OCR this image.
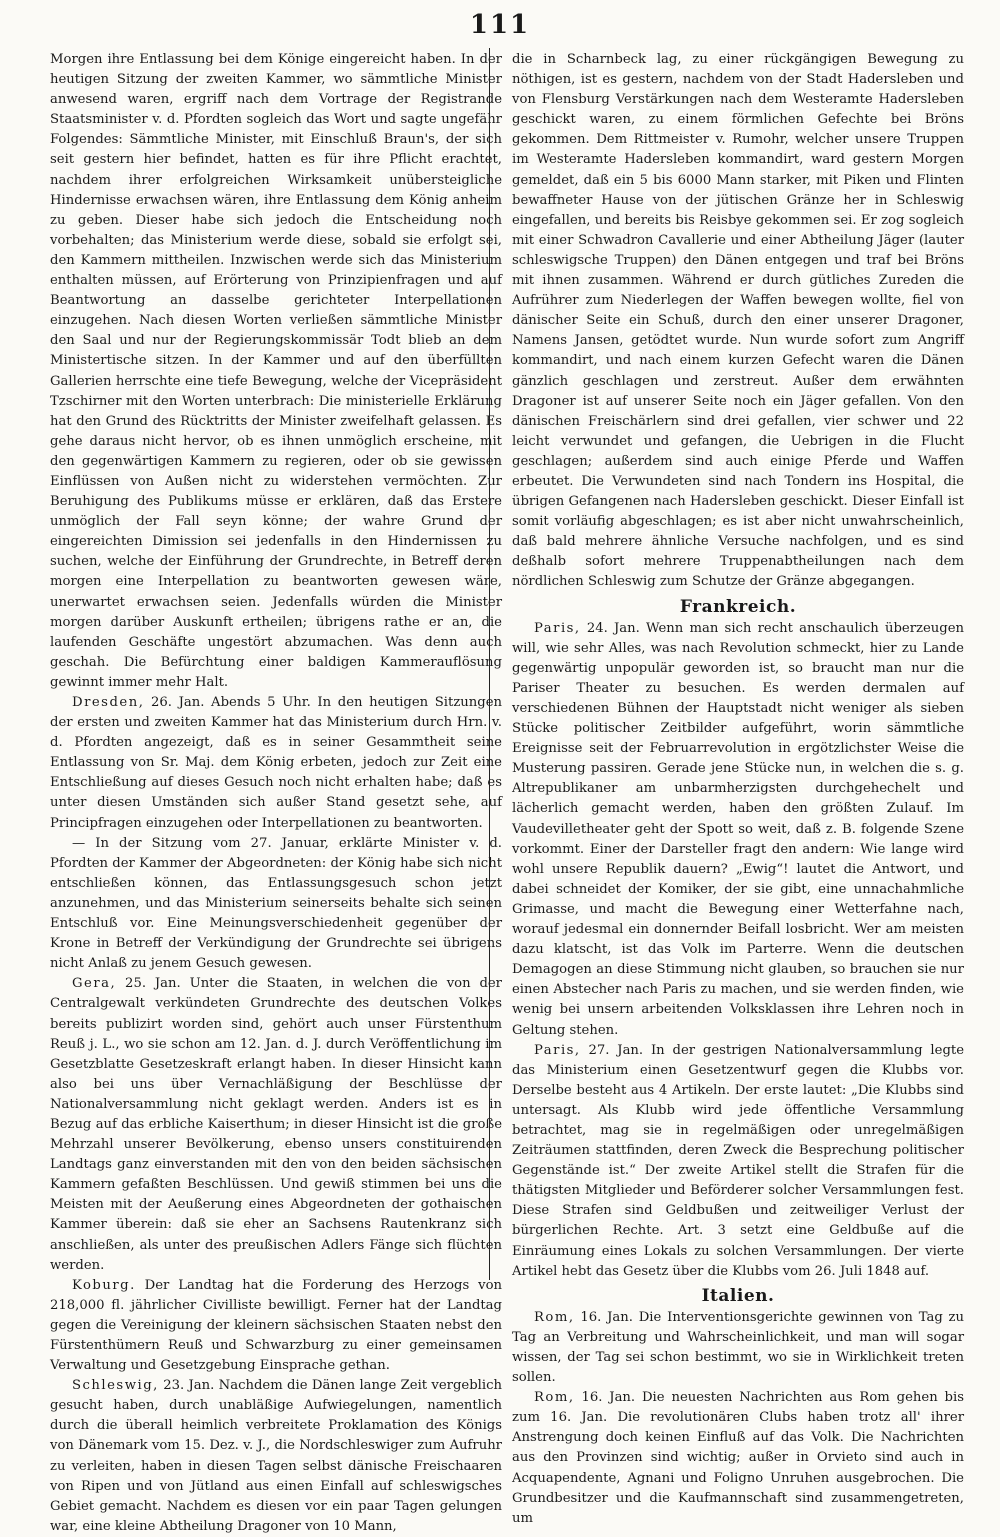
111

Morgen ihre Entlassung bei dem Könige eingereicht haben. In der heutigen Sitzung der zweiten Kammer, wo sämmtliche Minister anwesend waren, ergriff nach dem Vortrage der Registrande Staatsminister v. d. Pfordten sogleich das Wort und sagte ungefähr Folgendes: Sämmtliche Minister, mit Einschluß Braun's, der sich seit gestern hier befindet, hatten es für ihre Pflicht erachtet, nachdem ihrer erfolgreichen Wirksamkeit unübersteigliche Hindernisse erwachsen wären, ihre Entlassung dem König anheim zu geben. Dieser habe sich jedoch die Entscheidung noch vorbehalten; das Ministerium werde diese, sobald sie erfolgt sei, den Kammern mittheilen. Inzwischen werde sich das Ministerium enthalten müssen, auf Erörterung von Prinzipienfragen und auf Beantwortung an dasselbe gerichteter Interpellationen einzugehen. Nach diesen Worten verließen sämmtliche Minister den Saal und nur der Regierungskommissär Todt blieb an dem Ministertische sitzen. In der Kammer und auf den überfüllten Gallerien herrschte eine tiefe Bewegung, welche der Vicepräsident Tzschirner mit den Worten unterbrach: Die ministerielle Erklärung hat den Grund des Rücktritts der Minister zweifelhaft gelassen. Es gehe daraus nicht hervor, ob es ihnen unmöglich erscheine, mit den gegenwärtigen Kammern zu regieren, oder ob sie gewissen Einflüssen von Außen nicht zu widerstehen vermöchten. Zur Beruhigung des Publikums müsse er erklären, daß das Erstere unmöglich der Fall seyn könne; der wahre Grund der eingereichten Dimission sei jedenfalls in den Hindernissen zu suchen, welche der Einführung der Grundrechte, in Betreff deren morgen eine Interpellation zu beantworten gewesen wäre, unerwartet erwachsen seien. Jedenfalls würden die Minister morgen darüber Auskunft ertheilen; übrigens rathe er an, die laufenden Geschäfte ungestört abzumachen. Was denn auch geschah. Die Befürchtung einer baldigen Kammerauflösung gewinnt immer mehr Halt.

Dresden, 26. Jan. Abends 5 Uhr. In den heutigen Sitzungen der ersten und zweiten Kammer hat das Ministerium durch Hrn. v. d. Pfordten angezeigt, daß es in seiner Gesammtheit seine Entlassung von Sr. Maj. dem König erbeten, jedoch zur Zeit eine Entschließung auf dieses Gesuch noch nicht erhalten habe; daß es unter diesen Umständen sich außer Stand gesetzt sehe, auf Principfragen einzugehen oder Interpellationen zu beantworten.

— In der Sitzung vom 27. Januar, erklärte Minister v. d. Pfordten der Kammer der Abgeordneten: der König habe sich nicht entschließen können, das Entlassungsgesuch schon jetzt anzunehmen, und das Ministerium seinerseits behalte sich seinen Entschluß vor. Eine Meinungsverschiedenheit gegenüber der Krone in Betreff der Verkündigung der Grundrechte sei übrigens nicht Anlaß zu jenem Gesuch gewesen.

Gera, 25. Jan. Unter die Staaten, in welchen die von der Centralgewalt verkündeten Grundrechte des deutschen Volkes bereits publizirt worden sind, gehört auch unser Fürstenthum Reuß j. L., wo sie schon am 12. Jan. d. J. durch Veröffentlichung im Gesetzblatte Gesetzeskraft erlangt haben. In dieser Hinsicht kann also bei uns über Vernachläßigung der Beschlüsse der Nationalversammlung nicht geklagt werden. Anders ist es in Bezug auf das erbliche Kaiserthum; in dieser Hinsicht ist die große Mehrzahl unserer Bevölkerung, ebenso unsers constituirenden Landtags ganz einverstanden mit den von den beiden sächsischen Kammern gefaßten Beschlüssen. Und gewiß stimmen bei uns die Meisten mit der Aeußerung eines Abgeordneten der gothaischen Kammer überein: daß sie eher an Sachsens Rautenkranz sich anschließen, als unter des preußischen Adlers Fänge sich flüchten werden.

Koburg. Der Landtag hat die Forderung des Herzogs von 218,000 fl. jährlicher Civilliste bewilligt. Ferner hat der Landtag gegen die Vereinigung der kleinern sächsischen Staaten nebst den Fürstenthümern Reuß und Schwarzburg zu einer gemeinsamen Verwaltung und Gesetzgebung Einsprache gethan.

Schleswig, 23. Jan. Nachdem die Dänen lange Zeit vergeblich gesucht haben, durch unabläßige Aufwiegelungen, namentlich durch die überall heimlich verbreitete Proklamation des Königs von Dänemark vom 15. Dez. v. J., die Nordschleswiger zum Aufruhr zu verleiten, haben in diesen Tagen selbst dänische Freischaaren von Ripen und von Jütland aus einen Einfall auf schleswigsches Gebiet gemacht. Nachdem es diesen vor ein paar Tagen gelungen war, eine kleine Abtheilung Dragoner von 10 Mann,

die in Scharnbeck lag, zu einer rückgängigen Bewegung zu nöthigen, ist es gestern, nachdem von der Stadt Hadersleben und von Flensburg Verstärkungen nach dem Westeramte Hadersleben geschickt waren, zu einem förmlichen Gefechte bei Bröns gekommen. Dem Rittmeister v. Rumohr, welcher unsere Truppen im Westeramte Hadersleben kommandirt, ward gestern Morgen gemeldet, daß ein 5 bis 6000 Mann starker, mit Piken und Flinten bewaffneter Hause von der jütischen Gränze her in Schleswig eingefallen, und bereits bis Reisbye gekommen sei. Er zog sogleich mit einer Schwadron Cavallerie und einer Abtheilung Jäger (lauter schleswigsche Truppen) den Dänen entgegen und traf bei Bröns mit ihnen zusammen. Während er durch gütliches Zureden die Aufrührer zum Niederlegen der Waffen bewegen wollte, fiel von dänischer Seite ein Schuß, durch den einer unserer Dragoner, Namens Jansen, getödtet wurde. Nun wurde sofort zum Angriff kommandirt, und nach einem kurzen Gefecht waren die Dänen gänzlich geschlagen und zerstreut. Außer dem erwähnten Dragoner ist auf unserer Seite noch ein Jäger gefallen. Von den dänischen Freischärlern sind drei gefallen, vier schwer und 22 leicht verwundet und gefangen, die Uebrigen in die Flucht geschlagen; außerdem sind auch einige Pferde und Waffen erbeutet. Die Verwundeten sind nach Tondern ins Hospital, die übrigen Gefangenen nach Hadersleben geschickt. Dieser Einfall ist somit vorläufig abgeschlagen; es ist aber nicht unwahrscheinlich, daß bald mehrere ähnliche Versuche nachfolgen, und es sind deßhalb sofort mehrere Truppenabtheilungen nach dem nördlichen Schleswig zum Schutze der Gränze abgegangen.

Frankreich.

Paris, 24. Jan. Wenn man sich recht anschaulich überzeugen will, wie sehr Alles, was nach Revolution schmeckt, hier zu Lande gegenwärtig unpopulär geworden ist, so braucht man nur die Pariser Theater zu besuchen. Es werden dermalen auf verschiedenen Bühnen der Hauptstadt nicht weniger als sieben Stücke politischer Zeitbilder aufgeführt, worin sämmtliche Ereignisse seit der Februarrevolution in ergötzlichster Weise die Musterung passiren. Gerade jene Stücke nun, in welchen die s. g. Altrepublikaner am unbarmherzigsten durchgehechelt und lächerlich gemacht werden, haben den größten Zulauf. Im Vaudevilletheater geht der Spott so weit, daß z. B. folgende Szene vorkommt. Einer der Darsteller fragt den andern: Wie lange wird wohl unsere Republik dauern? „Ewig“! lautet die Antwort, und dabei schneidet der Komiker, der sie gibt, eine unnachahmliche Grimasse, und macht die Bewegung einer Wetterfahne nach, worauf jedesmal ein donnernder Beifall losbricht. Wer am meisten dazu klatscht, ist das Volk im Parterre. Wenn die deutschen Demagogen an diese Stimmung nicht glauben, so brauchen sie nur einen Abstecher nach Paris zu machen, und sie werden finden, wie wenig bei unsern arbeitenden Volksklassen ihre Lehren noch in Geltung stehen.

Paris, 27. Jan. In der gestrigen Nationalversammlung legte das Ministerium einen Gesetzentwurf gegen die Klubbs vor. Derselbe besteht aus 4 Artikeln. Der erste lautet: „Die Klubbs sind untersagt. Als Klubb wird jede öffentliche Versammlung betrachtet, mag sie in regelmäßigen oder unregelmäßigen Zeiträumen stattfinden, deren Zweck die Besprechung politischer Gegenstände ist.“ Der zweite Artikel stellt die Strafen für die thätigsten Mitglieder und Beförderer solcher Versammlungen fest. Diese Strafen sind Geldbußen und zeitweiliger Verlust der bürgerlichen Rechte. Art. 3 setzt eine Geldbuße auf die Einräumung eines Lokals zu solchen Versammlungen. Der vierte Artikel hebt das Gesetz über die Klubbs vom 26. Juli 1848 auf.

Italien.

Rom, 16. Jan. Die Interventionsgerichte gewinnen von Tag zu Tag an Verbreitung und Wahrscheinlichkeit, und man will sogar wissen, der Tag sei schon bestimmt, wo sie in Wirklichkeit treten sollen.

Rom, 16. Jan. Die neuesten Nachrichten aus Rom gehen bis zum 16. Jan. Die revolutionären Clubs haben trotz all' ihrer Anstrengung doch keinen Einfluß auf das Volk. Die Nachrichten aus den Provinzen sind wichtig; außer in Orvieto sind auch in Acquapendente, Agnani und Foligno Unruhen ausgebrochen. Die Grundbesitzer und die Kaufmannschaft sind zusammengetreten, um
